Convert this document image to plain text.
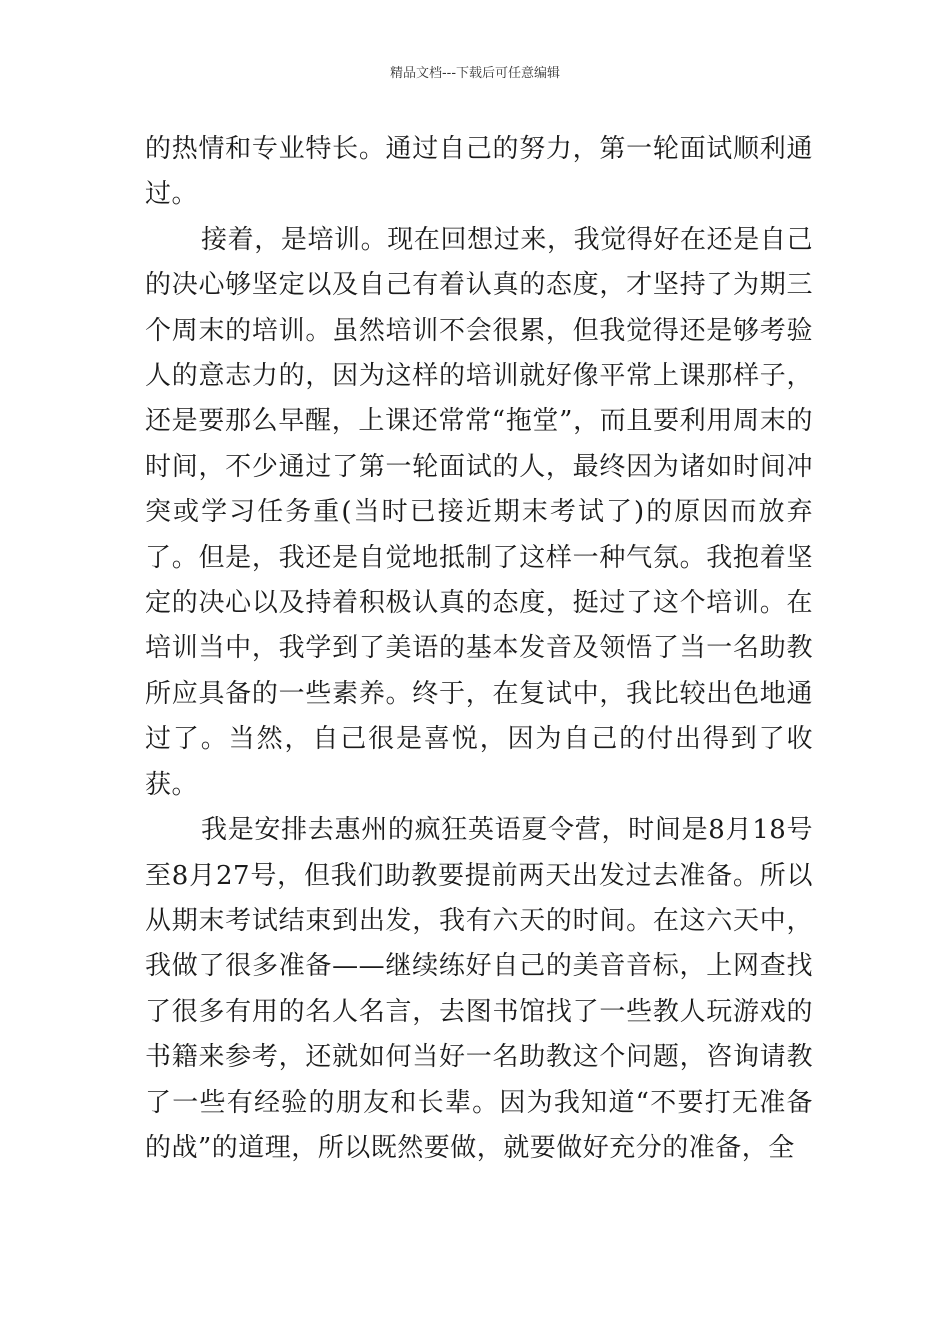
精品文档---下载后可任意编辑

的热情和专业特长。通过自己的努力，第一轮面试顺利通过。

接着，是培训。现在回想过来，我觉得好在还是自己的决心够坚定以及自己有着认真的态度，才坚持了为期三个周末的培训。虽然培训不会很累，但我觉得还是够考验人的意志力的，因为这样的培训就好像平常上课那样子，还是要那么早醒，上课还常常“拖堂”，而且要利用周末的时间，不少通过了第一轮面试的人，最终因为诸如时间冲突或学习任务重(当时已接近期末考试了)的原因而放弃了。但是，我还是自觉地抵制了这样一种气氛。我抱着坚定的决心以及持着积极认真的态度，挺过了这个培训。在培训当中，我学到了美语的基本发音及领悟了当一名助教所应具备的一些素养。终于，在复试中，我比较出色地通过了。当然，自己很是喜悦，因为自己的付出得到了收获。

我是安排去惠州的疯狂英语夏令营，时间是8月18号至8月27号，但我们助教要提前两天出发过去准备。所以从期末考试结束到出发，我有六天的时间。在这六天中，我做了很多准备——继续练好自己的美音音标，上网查找了很多有用的名人名言，去图书馆找了一些教人玩游戏的书籍来参考，还就如何当好一名助教这个问题，咨询请教了一些有经验的朋友和长辈。因为我知道“不要打无准备的战”的道理，所以既然要做，就要做好充分的准备，全
